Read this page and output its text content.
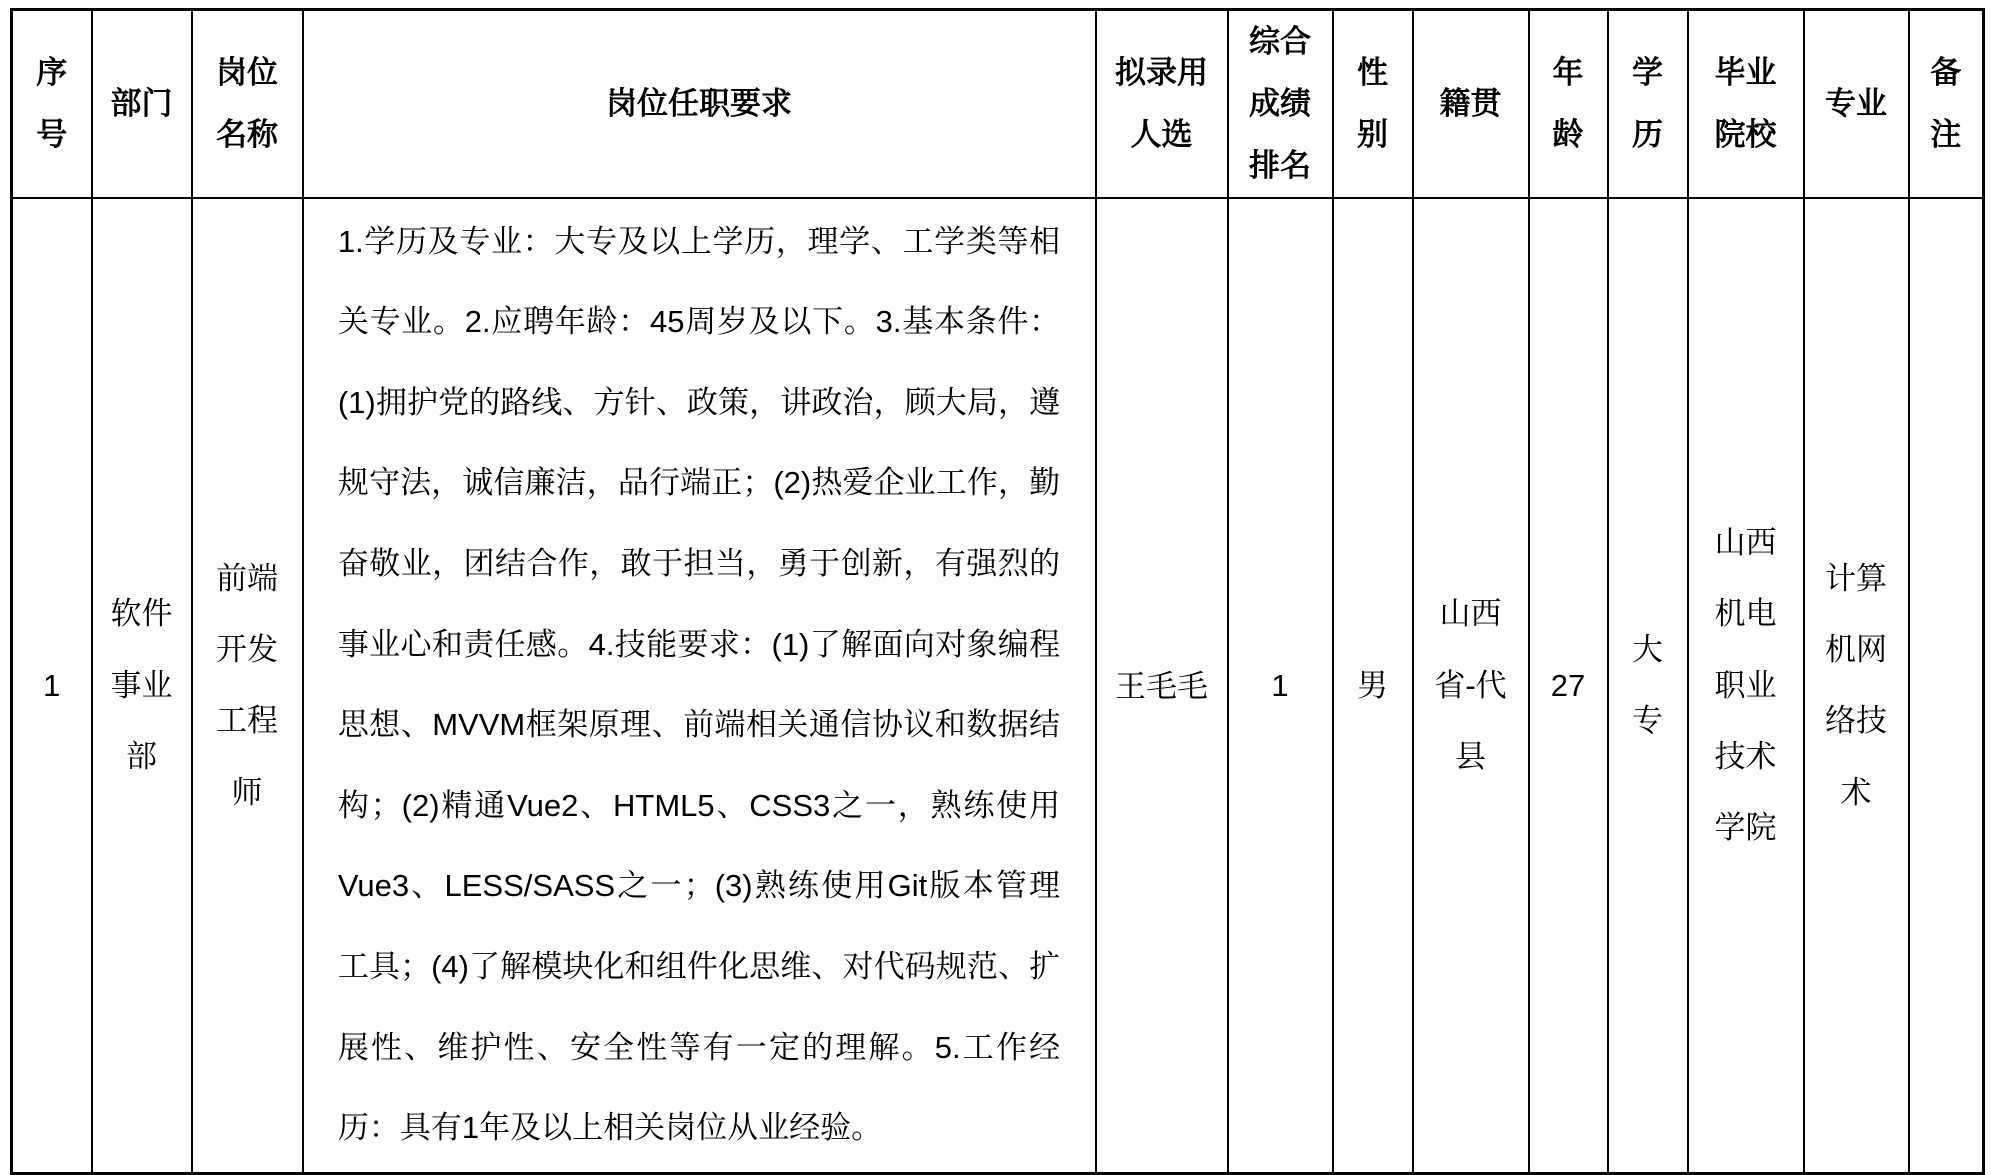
序号	部门	岗位名称	岗位任职要求	拟录用人选	综合成绩排名	性别	籍贯	年龄	学历	毕业院校	专业	备注
1	软件事业部	前端开发工程师	1.学历及专业：大专及以上学历，理学、工学类等相关专业。2.应聘年龄：45周岁及以下。3.基本条件：(1)拥护党的路线、方针、政策，讲政治，顾大局，遵规守法，诚信廉洁，品行端正；(2)热爱企业工作，勤奋敬业，团结合作，敢于担当，勇于创新，有强烈的事业心和责任感。4.技能要求：(1)了解面向对象编程思想、MVVM框架原理、前端相关通信协议和数据结构；(2)精通Vue2、HTML5、CSS3之一，熟练使用Vue3、LESS/SASS之一；(3)熟练使用Git版本管理工具；(4)了解模块化和组件化思维、对代码规范、扩展性、维护性、安全性等有一定的理解。5.工作经历：具有1年及以上相关岗位从业经验。	王毛毛	1	男	山西省-代县	27	大专	山西机电职业技术学院	计算机网络技术	
